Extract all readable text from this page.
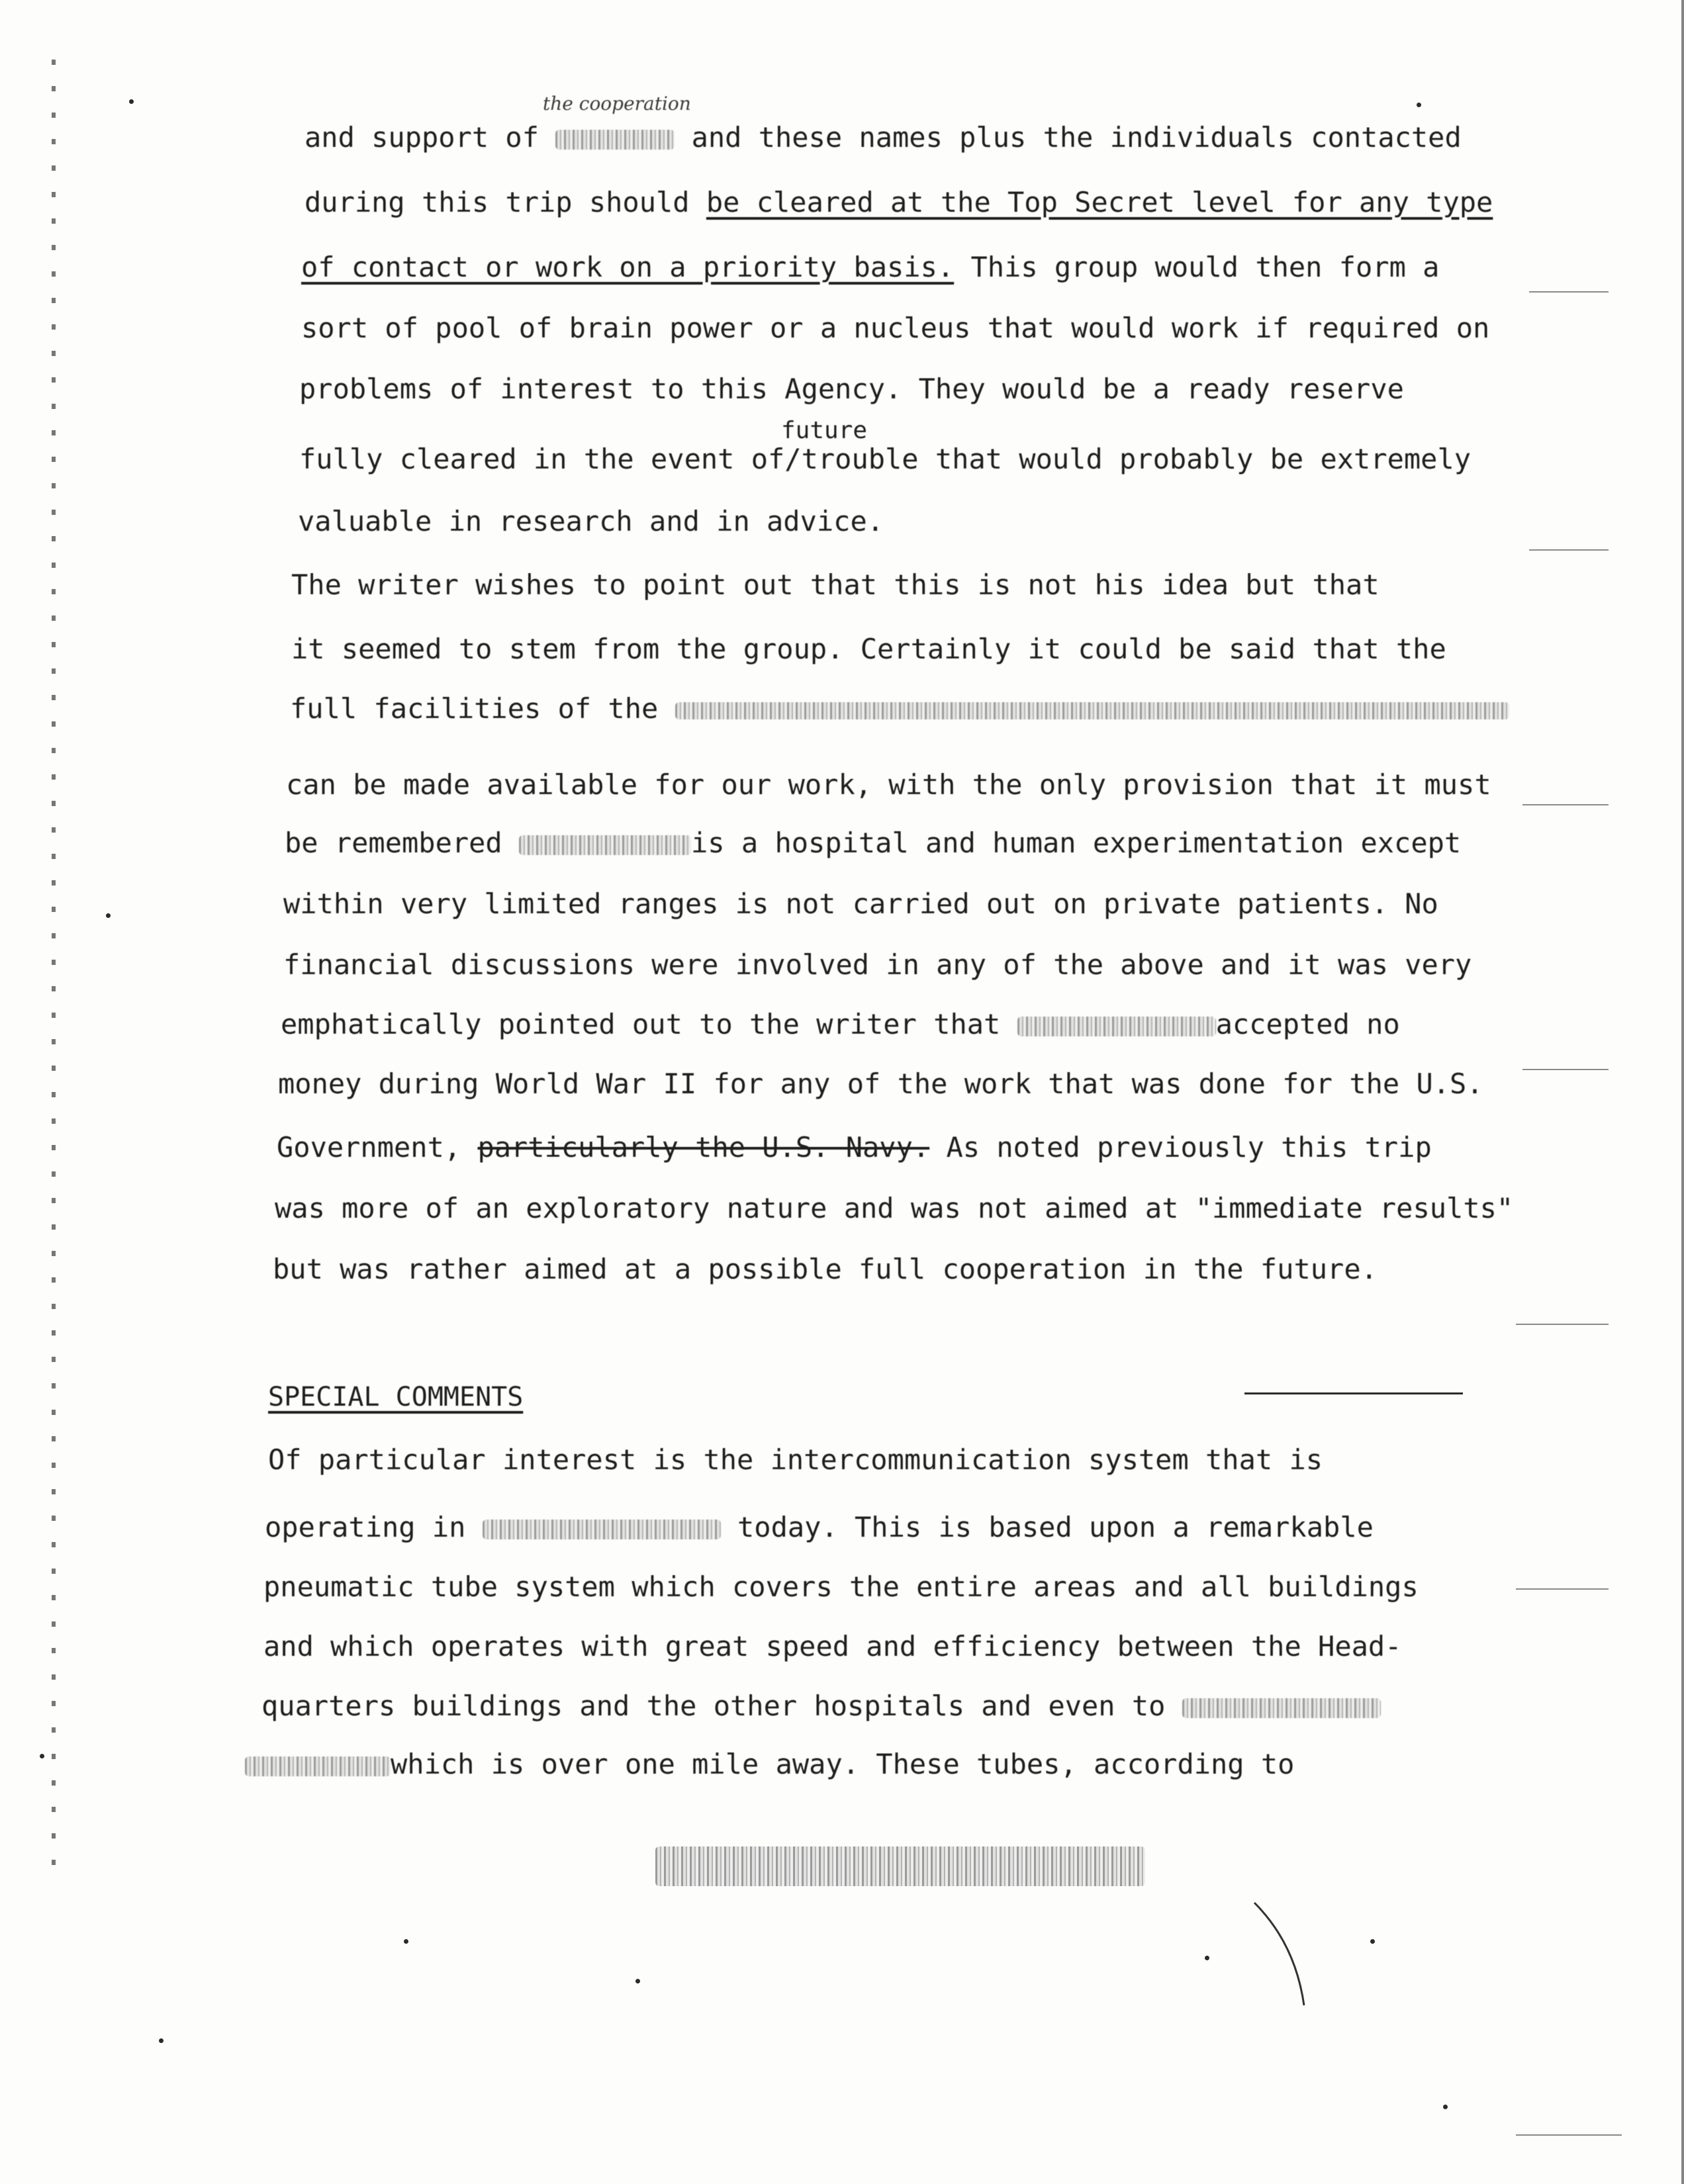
the cooperation
and support of	and these names plus the individuals contacted
during this trip should be cleared at the Top Secret level for any type
of contact or work on a priority basis. This group would then form a
sort of pool of brain power or a nucleus that would work if required on
problems of interest to this Agency. They would be a ready reserve
future
fully cleared in the event of/trouble that would probably be extremely
valuable in research and in advice.
The writer wishes to point out that this is not his idea but that
it seemed to stem from the group. Certainly it could be said that the
full facilities of the
can be made available for our work, with the only provision that it must
be remembered	is a hospital and human experimentation except
within very limited ranges is not carried out on private patients. No
financial discussions were involved in any of the above and it was very
emphatically pointed out to the writer that	accepted no
money during World War II for any of the work that was done for the U.S.
Government, particularly the U.S. Navy. As noted previously this trip
was more of an exploratory nature and was not aimed at "immediate results"
but was rather aimed at a possible full cooperation in the future.
SPECIAL COMMENTS
Of particular interest is the intercommunication system that is
operating in	today. This is based upon a remarkable
pneumatic tube system which covers the entire areas and all buildings
and which operates with great speed and efficiency between the Head-
quarters buildings and the other hospitals and even to
which is over one mile away. These tubes, according to
